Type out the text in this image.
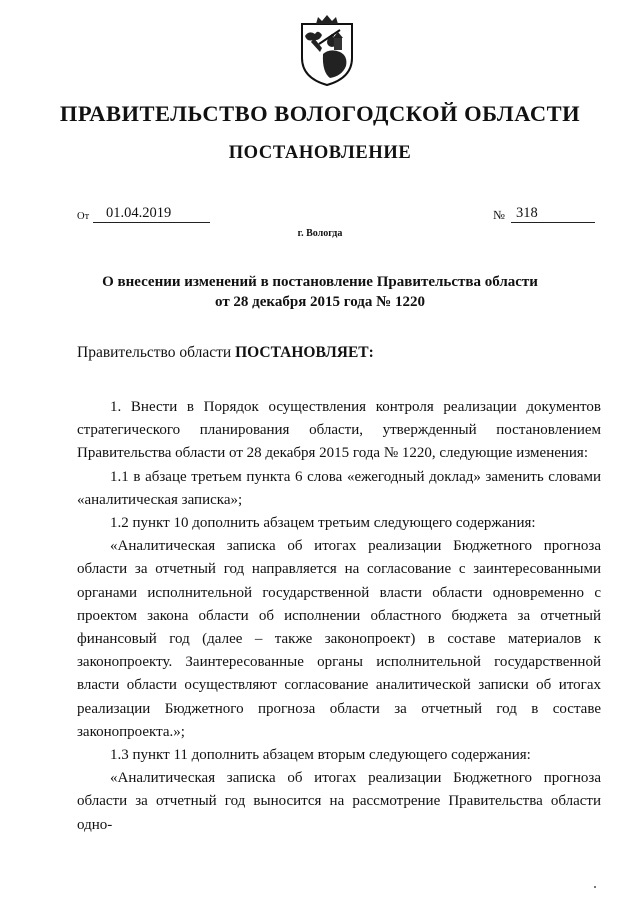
ПРАВИТЕЛЬСТВО ВОЛОГОДСКОЙ ОБЛАСТИ
ПОСТАНОВЛЕНИЕ
От	01.04.2019	№ 318
г. Вологда
О внесении изменений в постановление Правительства области
от 28 декабря 2015 года № 1220
Правительство области ПОСТАНОВЛЯЕТ:

1. Внести в Порядок осуществления контроля реализации документов стратегического планирования области, утвержденный постановлением Правительства области от 28 декабря 2015 года № 1220, следующие изменения:

1.1 в абзаце третьем пункта 6 слова «ежегодный доклад» заменить словами «аналитическая записка»;

1.2 пункт 10 дополнить абзацем третьим следующего содержания:

«Аналитическая записка об итогах реализации Бюджетного прогноза области за отчетный год направляется на согласование с заинтересованными органами исполнительной государственной власти области одновременно с проектом закона области об исполнении областного бюджета за отчетный финансовый год (далее – также законопроект) в составе материалов к законопроекту. Заинтересованные органы исполнительной государственной власти области осуществляют согласование аналитической записки об итогах реализации Бюджетного прогноза области за отчетный год в составе законопроекта.»;

1.3 пункт 11 дополнить абзацем вторым следующего содержания:

«Аналитическая записка об итогах реализации Бюджетного прогноза области за отчетный год выносится на рассмотрение Правительства области одно-
